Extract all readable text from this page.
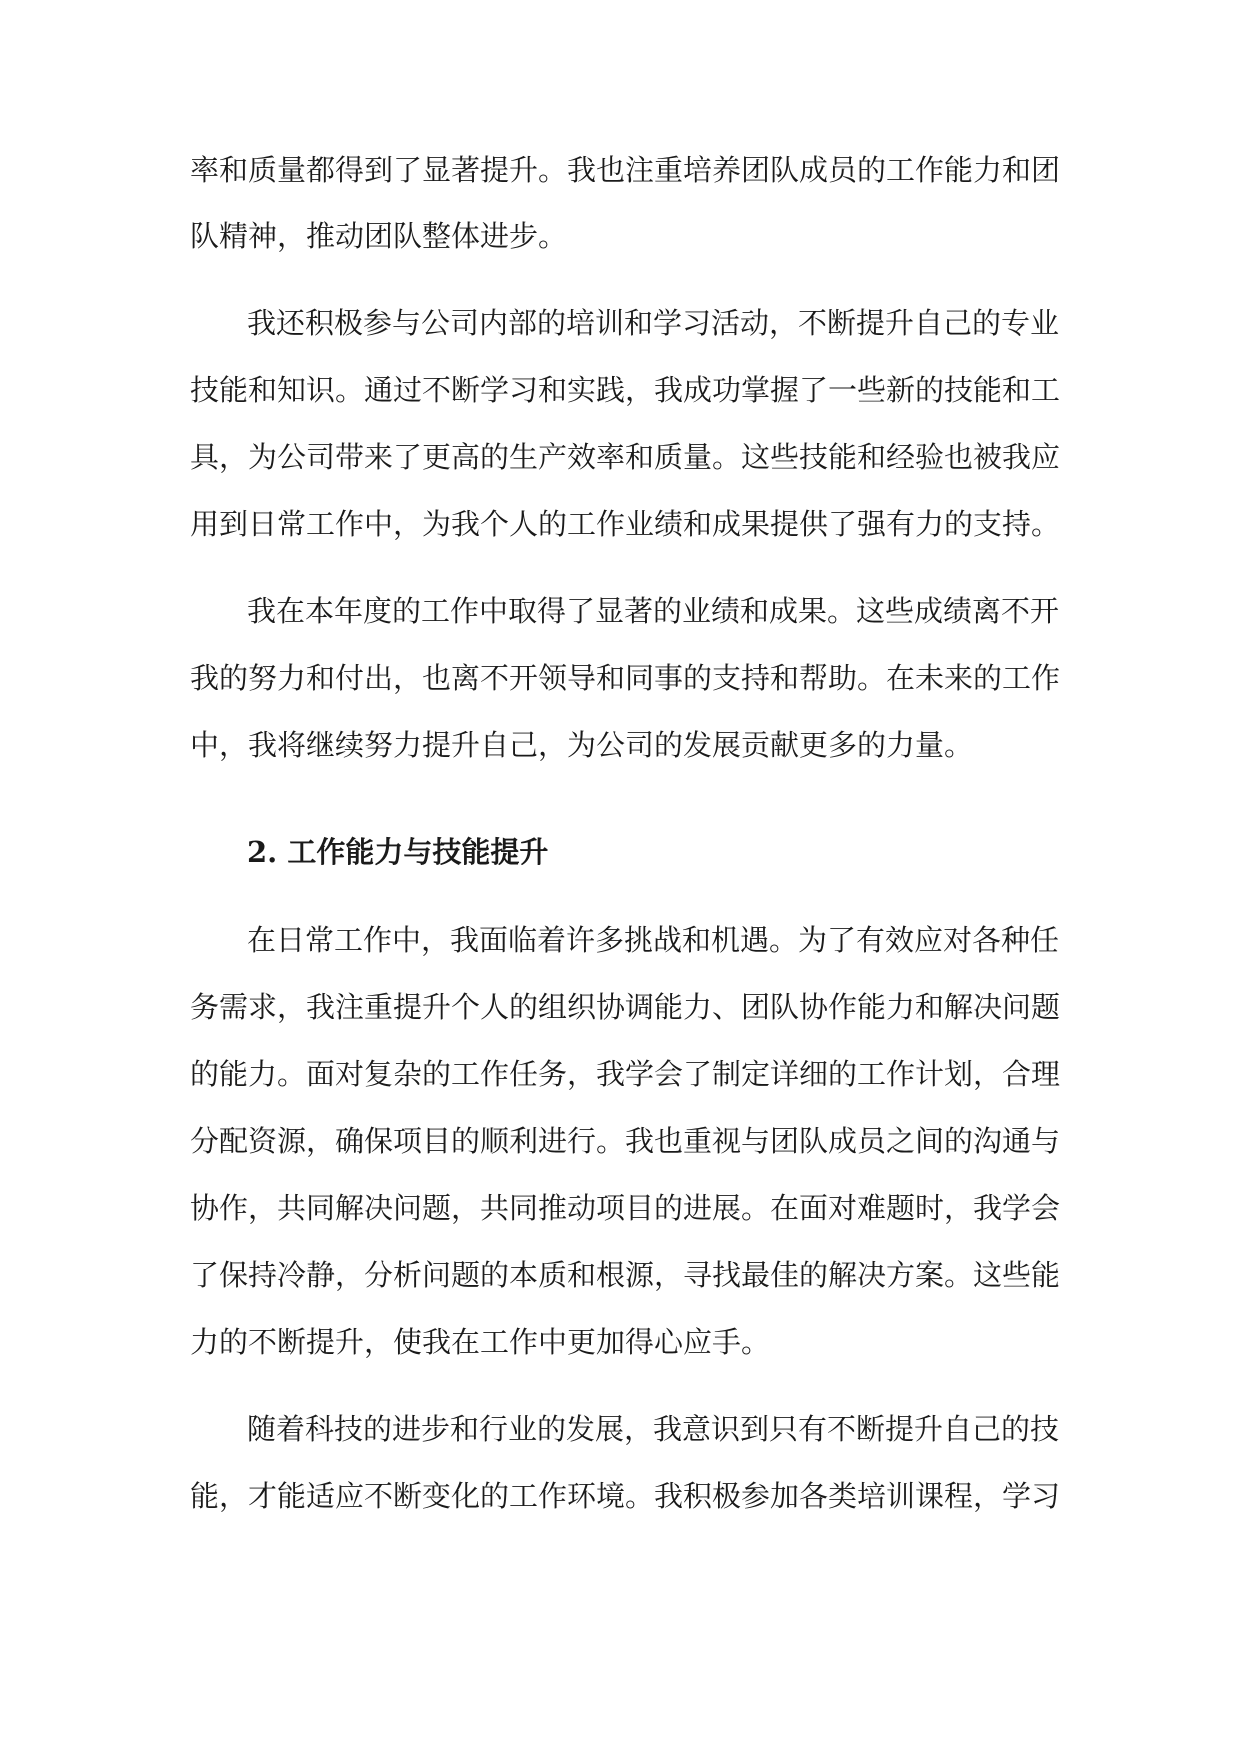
率和质量都得到了显著提升。我也注重培养团队成员的工作能力和团

队精神，推动团队整体进步。

我还积极参与公司内部的培训和学习活动，不断提升自己的专业

技能和知识。通过不断学习和实践，我成功掌握了一些新的技能和工

具，为公司带来了更高的生产效率和质量。这些技能和经验也被我应

用到日常工作中，为我个人的工作业绩和成果提供了强有力的支持。

我在本年度的工作中取得了显著的业绩和成果。这些成绩离不开

我的努力和付出，也离不开领导和同事的支持和帮助。在未来的工作

中，我将继续努力提升自己，为公司的发展贡献更多的力量。

2. 工作能力与技能提升

在日常工作中，我面临着许多挑战和机遇。为了有效应对各种任

务需求，我注重提升个人的组织协调能力、团队协作能力和解决问题

的能力。面对复杂的工作任务，我学会了制定详细的工作计划，合理

分配资源，确保项目的顺利进行。我也重视与团队成员之间的沟通与

协作，共同解决问题，共同推动项目的进展。在面对难题时，我学会

了保持冷静，分析问题的本质和根源，寻找最佳的解决方案。这些能

力的不断提升，使我在工作中更加得心应手。

随着科技的进步和行业的发展，我意识到只有不断提升自己的技

能，才能适应不断变化的工作环境。我积极参加各类培训课程，学习
